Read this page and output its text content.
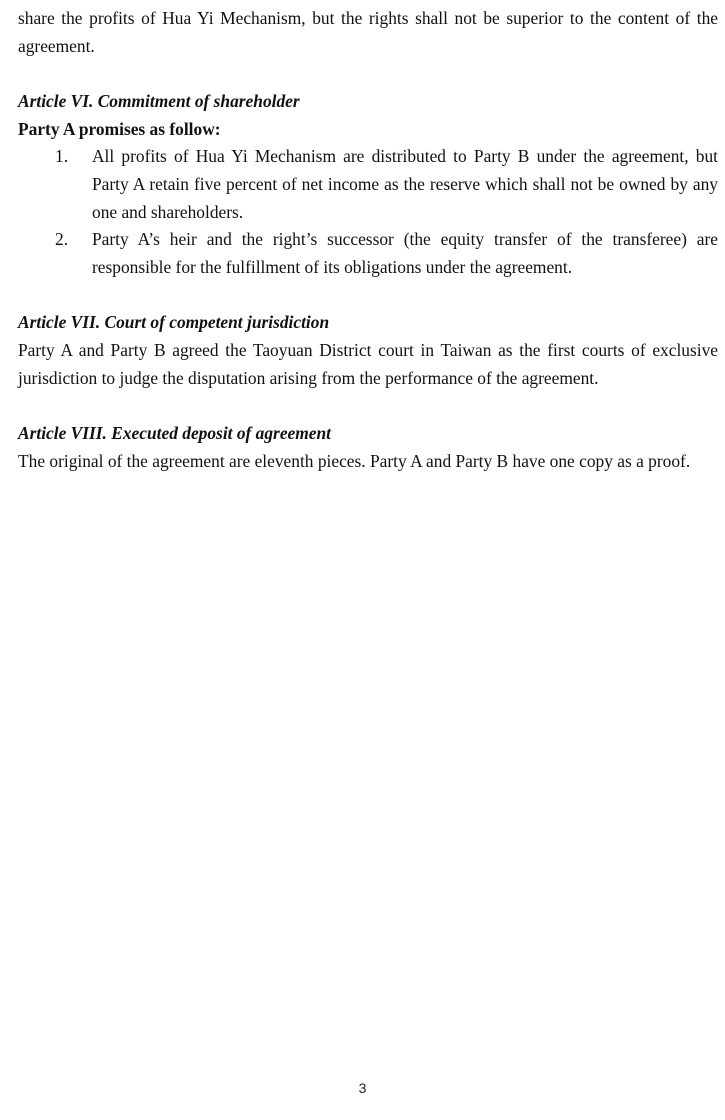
share the profits of Hua Yi Mechanism, but the rights shall not be superior to the content of the agreement.

Article VI. Commitment of shareholder

Party A promises as follow:

1. All profits of Hua Yi Mechanism are distributed to Party B under the agreement, but Party A retain five percent of net income as the reserve which shall not be owned by any one and shareholders.
2. Party A’s heir and the right’s successor (the equity transfer of the transferee) are responsible for the fulfillment of its obligations under the agreement.

Article VII. Court of competent jurisdiction

Party A and Party B agreed the Taoyuan District court in Taiwan as the first courts of exclusive jurisdiction to judge the disputation arising from the performance of the agreement.

Article VIII. Executed deposit of agreement

The original of the agreement are eleventh pieces. Party A and Party B have one copy as a proof.

3
